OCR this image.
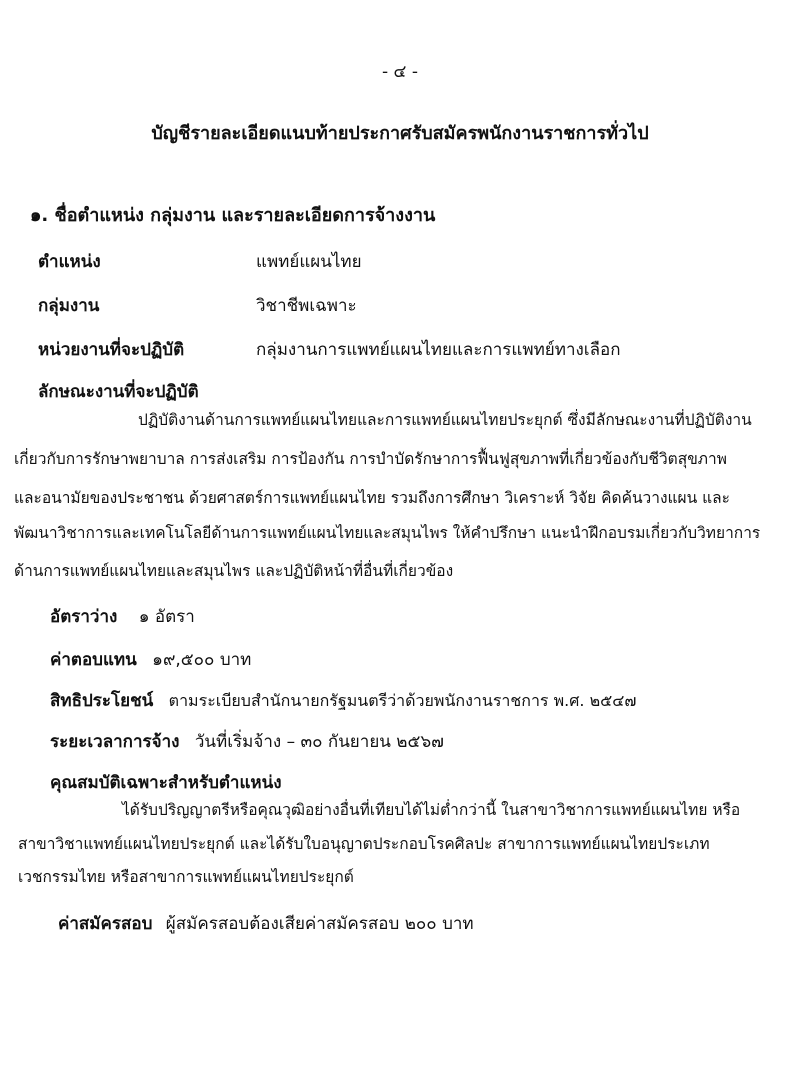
- ๔ -
บัญชีรายละเอียดแนบท้ายประกาศรับสมัครพนักงานราชการทั่วไป
๑. ชื่อตำแหน่ง กลุ่มงาน และรายละเอียดการจ้างงาน
ตำแหน่ง	แพทย์แผนไทย
กลุ่มงาน	วิชาชีพเฉพาะ
หน่วยงานที่จะปฏิบัติ	กลุ่มงานการแพทย์แผนไทยและการแพทย์ทางเลือก
ลักษณะงานที่จะปฏิบัติ
ปฏิบัติงานด้านการแพทย์แผนไทยและการแพทย์แผนไทยประยุกต์ ซึ่งมีลักษณะงานที่ปฏิบัติงาน
เกี่ยวกับการรักษาพยาบาล การส่งเสริม การป้องกัน การบำบัดรักษาการฟื้นฟูสุขภาพที่เกี่ยวข้องกับชีวิตสุขภาพ
และอนามัยของประชาชน ด้วยศาสตร์การแพทย์แผนไทย รวมถึงการศึกษา วิเคราะห์ วิจัย คิดค้นวางแผน และ
พัฒนาวิชาการและเทคโนโลยีด้านการแพทย์แผนไทยและสมุนไพร ให้คำปรึกษา แนะนำฝึกอบรมเกี่ยวกับวิทยาการ
ด้านการแพทย์แผนไทยและสมุนไพร และปฏิบัติหน้าที่อื่นที่เกี่ยวข้อง
อัตราว่าง ๑ อัตรา
ค่าตอบแทน ๑๙,๕๐๐ บาท
สิทธิประโยชน์ ตามระเบียบสำนักนายกรัฐมนตรีว่าด้วยพนักงานราชการ พ.ศ. ๒๕๔๗
ระยะเวลาการจ้าง วันที่เริ่มจ้าง – ๓๐ กันยายน ๒๕๖๗
คุณสมบัติเฉพาะสำหรับตำแหน่ง
ได้รับปริญญาตรีหรือคุณวุฒิอย่างอื่นที่เทียบได้ไม่ต่ำกว่านี้ ในสาขาวิชาการแพทย์แผนไทย หรือ
สาขาวิชาแพทย์แผนไทยประยุกต์ และได้รับใบอนุญาตประกอบโรคศิลปะ สาขาการแพทย์แผนไทยประเภท
เวชกรรมไทย หรือสาขาการแพทย์แผนไทยประยุกต์
ค่าสมัครสอบ ผู้สมัครสอบต้องเสียค่าสมัครสอบ ๒๐๐ บาท
